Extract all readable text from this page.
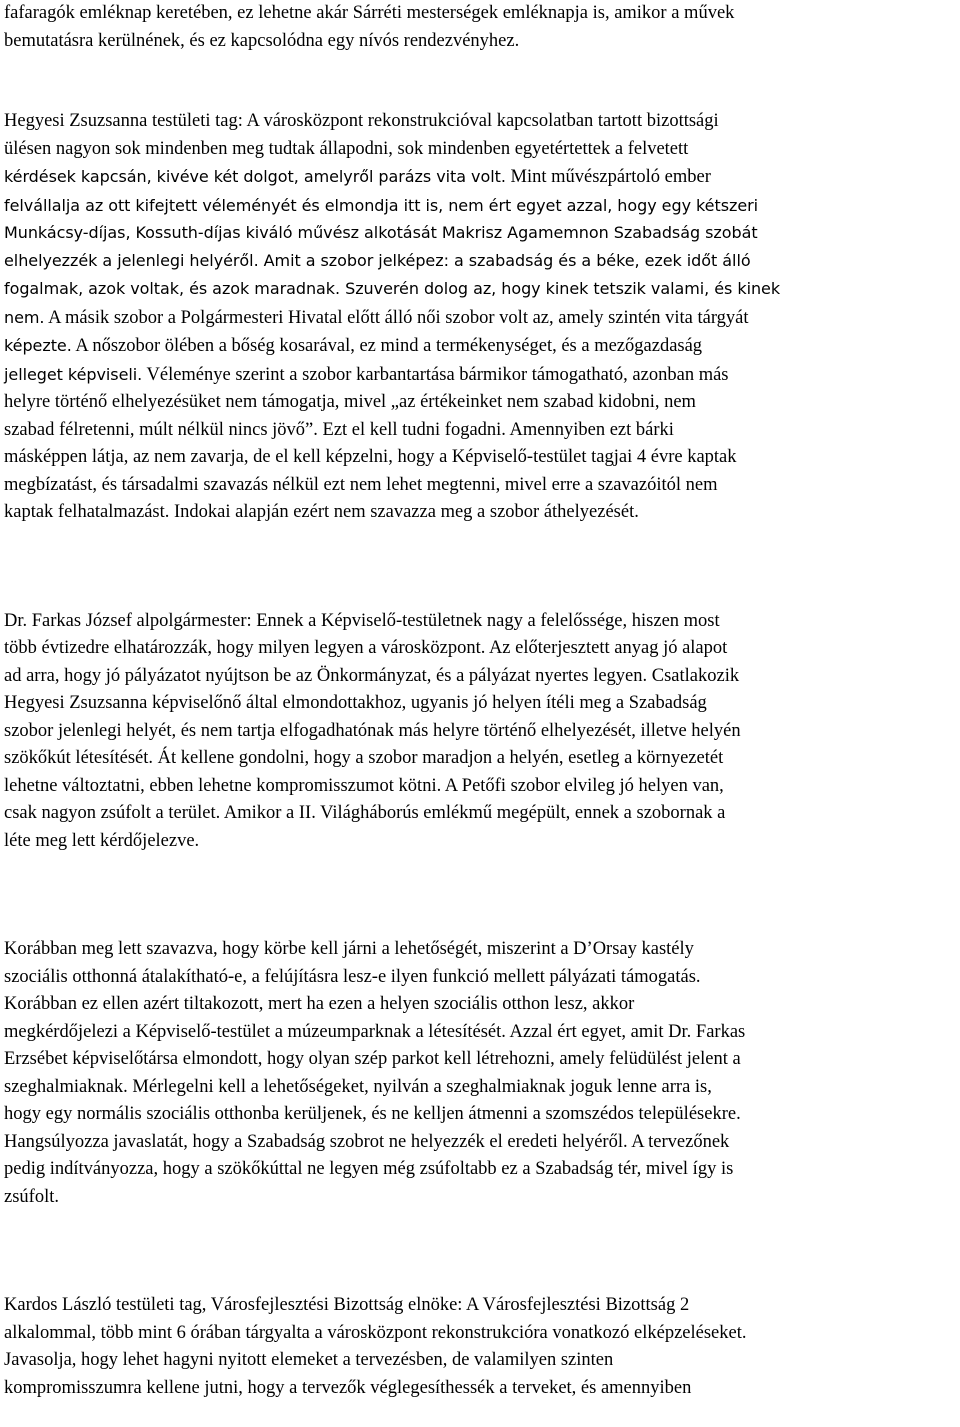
fafaragók emléknap keretében, ez lehetne akár Sárréti mesterségek emléknapja is, amikor a művek
bemutatásra kerülnének, és ez kapcsolódna egy nívós rendezvényhez.

Hegyesi Zsuzsanna testületi tag: A városközpont rekonstrukcióval kapcsolatban tartott bizottsági
ülésen nagyon sok mindenben meg tudtak állapodni, sok mindenben egyetértettek a felvetett
kérdések kapcsán, kivéve két dolgot, amelyről parázs vita volt. Mint művészpártoló ember
felvállalja az ott kifejtett véleményét és elmondja itt is, nem ért egyet azzal, hogy egy kétszeri
Munkácsy-díjas, Kossuth-díjas kiváló művész alkotását Makrisz Agamemnon Szabadság szobát
elhelyezzék a jelenlegi helyéről. Amit a szobor jelképez: a szabadság és a béke, ezek időt álló
fogalmak, azok voltak, és azok maradnak. Szuverén dolog az, hogy kinek tetszik valami, és kinek
nem. A másik szobor a Polgármesteri Hivatal előtt álló női szobor volt az, amely szintén vita tárgyát
képezte. A nőszobor ölében a bőség kosarával, ez mind a termékenységet, és a mezőgazdaság
jelleget képviseli. Véleménye szerint a szobor karbantartása bármikor támogatható, azonban más
helyre történő elhelyezésüket nem támogatja, mivel „az értékeinket nem szabad kidobni, nem
szabad félretenni, múlt nélkül nincs jövő”. Ezt el kell tudni fogadni. Amennyiben ezt bárki
másképpen látja, az nem zavarja, de el kell képzelni, hogy a Képviselő-testület tagjai 4 évre kaptak
megbízatást, és társadalmi szavazás nélkül ezt nem lehet megtenni, mivel erre a szavazóitól nem
kaptak felhatalmazást. Indokai alapján ezért nem szavazza meg a szobor áthelyezését.

Dr. Farkas József alpolgármester: Ennek a Képviselő-testületnek nagy a felelőssége, hiszen most
több évtizedre elhatározzák, hogy milyen legyen a városközpont. Az előterjesztett anyag jó alapot
ad arra, hogy jó pályázatot nyújtson be az Önkormányzat, és a pályázat nyertes legyen. Csatlakozik
Hegyesi Zsuzsanna képviselőnő által elmondottakhoz, ugyanis jó helyen ítéli meg a Szabadság
szobor jelenlegi helyét, és nem tartja elfogadhatónak más helyre történő elhelyezését, illetve helyén
szökőkút létesítését. Át kellene gondolni, hogy a szobor maradjon a helyén, esetleg a környezetét
lehetne változtatni, ebben lehetne kompromisszumot kötni. A Petőfi szobor elvileg jó helyen van,
csak nagyon zsúfolt a terület. Amikor a II. Világháborús emlékmű megépült, ennek a szobornak a
léte meg lett kérdőjelezve.

Korábban meg lett szavazva, hogy körbe kell járni a lehetőségét, miszerint a D’Orsay kastély
szociális otthonná átalakítható-e, a felújításra lesz-e ilyen funkció mellett pályázati támogatás.
Korábban ez ellen azért tiltakozott, mert ha ezen a helyen szociális otthon lesz, akkor
megkérdőjelezi a Képviselő-testület a múzeumparknak a létesítését. Azzal ért egyet, amit Dr. Farkas
Erzsébet képviselőtársa elmondott, hogy olyan szép parkot kell létrehozni, amely felüdülést jelent a
szeghalmiaknak. Mérlegelni kell a lehetőségeket, nyilván a szeghalmiaknak joguk lenne arra is,
hogy egy normális szociális otthonba kerüljenek, és ne kelljen átmenni a szomszédos településekre.
Hangsúlyozza javaslatát, hogy a Szabadság szobrot ne helyezzék el eredeti helyéről. A tervezőnek
pedig indítványozza, hogy a szökőkúttal ne legyen még zsúfoltabb ez a Szabadság tér, mivel így is
zsúfolt.

Kardos László testületi tag, Városfejlesztési Bizottság elnöke: A Városfejlesztési Bizottság 2
alkalommal, több mint 6 órában tárgyalta a városközpont rekonstrukcióra vonatkozó elképzeléseket.
Javasolja, hogy lehet hagyni nyitott elemeket a tervezésben, de valamilyen szinten
kompromisszumra kellene jutni, hogy a tervezők véglegesíthessék a terveket, és amennyiben
